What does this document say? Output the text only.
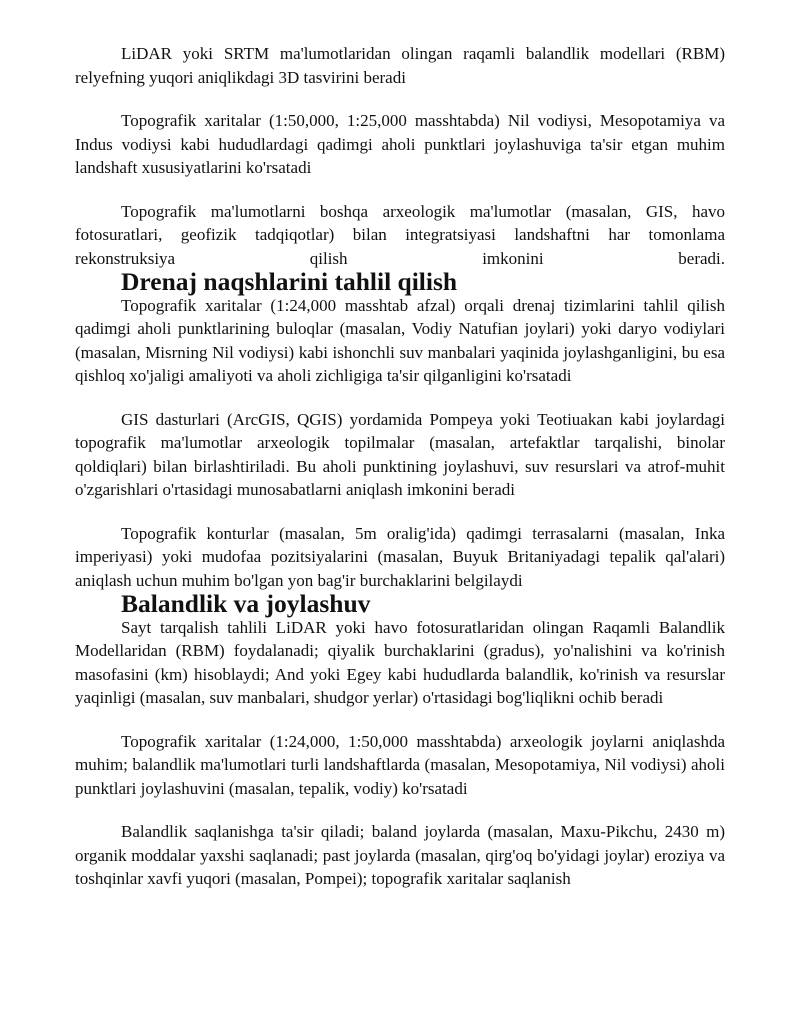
LiDAR yoki SRTM ma'lumotlaridan olingan raqamli balandlik modellari (RBM) relyefning yuqori aniqlikdagi 3D tasvirini beradi

Topografik xaritalar (1:50,000, 1:25,000 masshtabda) Nil vodiysi, Mesopotamiya va Indus vodiysi kabi hududlardagi qadimgi aholi punktlari joylashuviga ta'sir etgan muhim landshaft xususiyatlarini ko'rsatadi

Topografik ma'lumotlarni boshqa arxeologik ma'lumotlar (masalan, GIS, havo fotosuratlari, geofizik tadqiqotlar) bilan integratsiyasi landshaftni har tomonlama rekonstruksiya qilish imkonini beradi.

Drenaj naqshlarini tahlil qilish

Topografik xaritalar (1:24,000 masshtab afzal) orqali drenaj tizimlarini tahlil qilish qadimgi aholi punktlarining buloqlar (masalan, Vodiy Natufian joylari) yoki daryo vodiylari (masalan, Misrning Nil vodiysi) kabi ishonchli suv manbalari yaqinida joylashganligini, bu esa qishloq xo'jaligi amaliyoti va aholi zichligiga ta'sir qilganligini ko'rsatadi

GIS dasturlari (ArcGIS, QGIS) yordamida Pompeya yoki Teotiuakan kabi joylardagi topografik ma'lumotlar arxeologik topilmalar (masalan, artefaktlar tarqalishi, binolar qoldiqlari) bilan birlashtiriladi. Bu aholi punktining joylashuvi, suv resurslari va atrof-muhit o'zgarishlari o'rtasidagi munosabatlarni aniqlash imkonini beradi

Topografik konturlar (masalan, 5m oralig'ida) qadimgi terrasalarni (masalan, Inka imperiyasi) yoki mudofaa pozitsiyalarini (masalan, Buyuk Britaniyadagi tepalik qal'alari) aniqlash uchun muhim bo'lgan yon bag'ir burchaklarini belgilaydi

Balandlik va joylashuv

Sayt tarqalish tahlili LiDAR yoki havo fotosuratlaridan olingan Raqamli Balandlik Modellaridan (RBM) foydalanadi; qiyalik burchaklarini (gradus), yo'nalishini va ko'rinish masofasini (km) hisoblaydi; And yoki Egey kabi hududlarda balandlik, ko'rinish va resurslar yaqinligi (masalan, suv manbalari, shudgor yerlar) o'rtasidagi bog'liqlikni ochib beradi

Topografik xaritalar (1:24,000, 1:50,000 masshtabda) arxeologik joylarni aniqlashda muhim; balandlik ma'lumotlari turli landshaftlarda (masalan, Mesopotamiya, Nil vodiysi) aholi punktlari joylashuvini (masalan, tepalik, vodiy) ko'rsatadi

Balandlik saqlanishga ta'sir qiladi; baland joylarda (masalan, Maxu-Pikchu, 2430 m) organik moddalar yaxshi saqlanadi; past joylarda (masalan, qirg'oq bo'yidagi joylar) eroziya va toshqinlar xavfi yuqori (masalan, Pompei); topografik xaritalar saqlanish
